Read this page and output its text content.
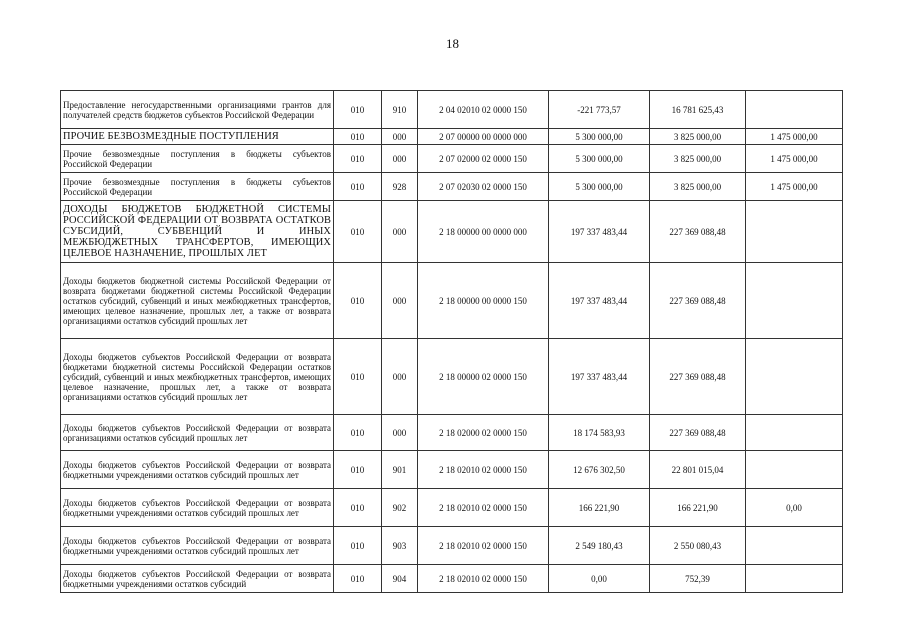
18
Предоставление негосударственными организациями грантов для получателей средств бюджетов субъектов Российской Федерации	010	910	2 04 02010 02 0000 150	-221 773,57	16 781 625,43	
ПРОЧИЕ БЕЗВОЗМЕЗДНЫЕ ПОСТУПЛЕНИЯ	010	000	2 07 00000 00 0000 000	5 300 000,00	3 825 000,00	1 475 000,00
Прочие безвозмездные поступления в бюджеты субъектов Российской Федерации	010	000	2 07 02000 02 0000 150	5 300 000,00	3 825 000,00	1 475 000,00
Прочие безвозмездные поступления в бюджеты субъектов Российской Федерации	010	928	2 07 02030 02 0000 150	5 300 000,00	3 825 000,00	1 475 000,00
ДОХОДЫ БЮДЖЕТОВ БЮДЖЕТНОЙ СИСТЕМЫ РОССИЙСКОЙ ФЕДЕРАЦИИ ОТ ВОЗВРАТА ОСТАТКОВ СУБСИДИЙ, СУБВЕНЦИЙ И ИНЫХ МЕЖБЮДЖЕТНЫХ ТРАНСФЕРТОВ, ИМЕЮЩИХ ЦЕЛЕВОЕ НАЗНАЧЕНИЕ, ПРОШЛЫХ ЛЕТ	010	000	2 18 00000 00 0000 000	197 337 483,44	227 369 088,48	
Доходы бюджетов бюджетной системы Российской Федерации от возврата бюджетами бюджетной системы Российской Федерации остатков субсидий, субвенций и иных межбюджетных трансфертов, имеющих целевое назначение, прошлых лет, а также от возврата организациями остатков субсидий прошлых лет	010	000	2 18 00000 00 0000 150	197 337 483,44	227 369 088,48	
Доходы бюджетов субъектов Российской Федерации от возврата бюджетами бюджетной системы Российской Федерации остатков субсидий, субвенций и иных межбюджетных трансфертов, имеющих целевое назначение, прошлых лет, а также от возврата организациями остатков субсидий прошлых лет	010	000	2 18 00000 02 0000 150	197 337 483,44	227 369 088,48	
Доходы бюджетов субъектов Российской Федерации от возврата организациями остатков субсидий прошлых лет	010	000	2 18 02000 02 0000 150	18 174 583,93	227 369 088,48	
Доходы бюджетов субъектов Российской Федерации от возврата бюджетными учреждениями остатков субсидий прошлых лет	010	901	2 18 02010 02 0000 150	12 676 302,50	22 801 015,04	
Доходы бюджетов субъектов Российской Федерации от возврата бюджетными учреждениями остатков субсидий прошлых лет	010	902	2 18 02010 02 0000 150	166 221,90	166 221,90	0,00
Доходы бюджетов субъектов Российской Федерации от возврата бюджетными учреждениями остатков субсидий прошлых лет	010	903	2 18 02010 02 0000 150	2 549 180,43	2 550 080,43	
Доходы бюджетов субъектов Российской Федерации от возврата бюджетными учреждениями остатков субсидий	010	904	2 18 02010 02 0000 150	0,00	752,39	
